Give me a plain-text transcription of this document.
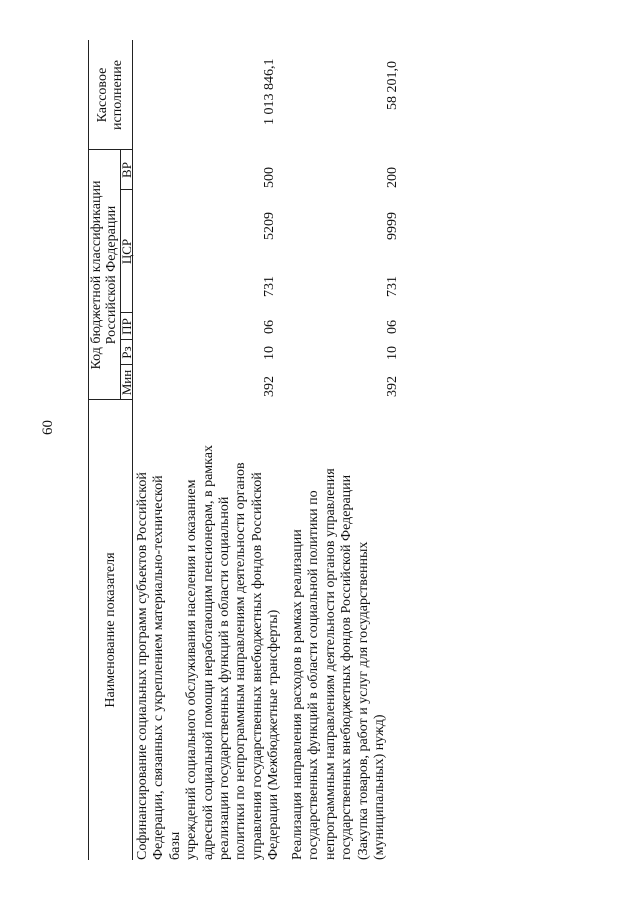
60
Наименование показателя
Код бюджетной классификации Российской Федерации
Мин
Рз
ПР
ЦСР
ВР
Кассовое исполнение
Софинансирование социальных программ субъектов Российской Федерации, связанных с укреплением материально-технической базы учреждений социального обслуживания населения и оказанием адресной социальной помощи неработающим пенсионерам, в рамках реализации государственных функций в области социальной политики по непрограммным направлениям деятельности органов управления государственных внебюджетных фондов Российской Федерации (Межбюджетные трансферты)
392
10
06
731
5209
500
1 013 846,1
Реализация направления расходов в рамках реализации государственных функций в области социальной политики по непрограммным направлениям деятельности органов управления государственных внебюджетных фондов Российской Федерации (Закупка товаров, работ и услуг для государственных (муниципальных) нужд)
392
10
06
731
9999
200
58 201,0
